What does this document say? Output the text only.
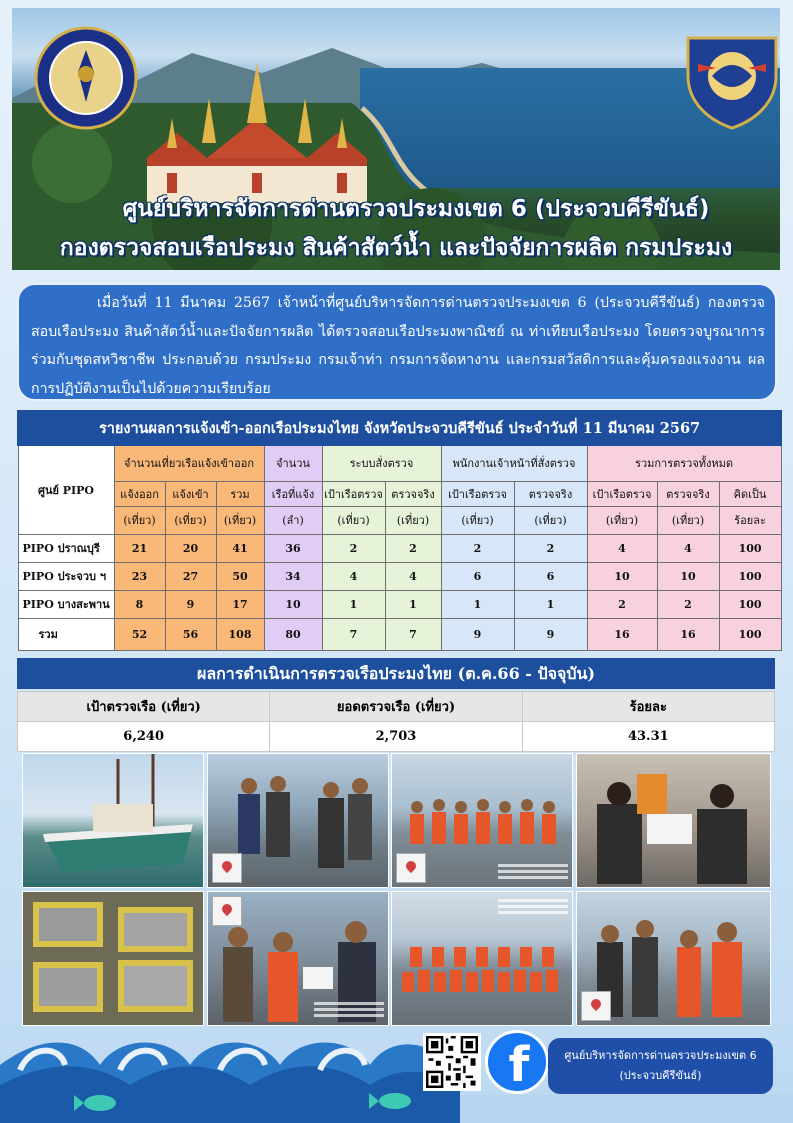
ศูนย์บริหารจัดการด่านตรวจประมงเขต 6 (ประจวบคีรีขันธ์)
กองตรวจสอบเรือประมง สินค้าสัตว์น้ำ และปัจจัยการผลิต กรมประมง

เมื่อวันที่ 11 มีนาคม 2567 เจ้าหน้าที่ศูนย์บริหารจัดการด่านตรวจประมงเขต 6 (ประจวบคีรีขันธ์) กองตรวจสอบเรือประมง สินค้าสัตว์น้ำและปัจจัยการผลิต ได้ตรวจสอบเรือประมงพาณิชย์ ณ ท่าเทียบเรือประมง โดยตรวจบูรณาการร่วมกับชุดสหวิชาชีพ ประกอบด้วย กรมประมง กรมเจ้าท่า กรมการจัดหางาน และกรมสวัสดิการและคุ้มครองแรงงาน ผลการปฏิบัติงานเป็นไปด้วยความเรียบร้อย

รายงานผลการแจ้งเข้า-ออกเรือประมงไทย จังหวัดประจวบคีรีขันธ์ ประจำวันที่ 11 มีนาคม 2567											
ศูนย์ PIPO	จำนวนเที่ยวเรือแจ้งเข้าออก			จำนวน	ระบบสั่งตรวจ		พนักงานเจ้าหน้าที่สั่งตรวจ		รวมการตรวจทั้งหมด		
	แจ้งออก	แจ้งเข้า	รวม	เรือที่แจ้ง	เป้าเรือตรวจ	ตรวจจริง	เป้าเรือตรวจ	ตรวจจริง	เป้าเรือตรวจ	ตรวจจริง	คิดเป็น
	(เที่ยว)	(เที่ยว)	(เที่ยว)	(ลำ)	(เที่ยว)	(เที่ยว)	(เที่ยว)	(เที่ยว)	(เที่ยว)	(เที่ยว)	ร้อยละ
PIPO ปราณบุรี	21	20	41	36	2	2	2	2	4	4	100
PIPO ประจวบ ฯ	23	27	50	34	4	4	6	6	10	10	100
PIPO บางสะพาน	8	9	17	10	1	1	1	1	2	2	100
รวม	52	56	108	80	7	7	9	9	16	16	100
ผลการดำเนินการตรวจเรือประมงไทย (ต.ค.66 - ปัจจุบัน)
เป้าตรวจเรือ (เที่ยว)	ยอดตรวจเรือ (เที่ยว)	ร้อยละ
6,240	2,703	43.31
f	ศูนย์บริหารจัดการด่านตรวจประมงเขต 6
(ประจวบคีรีขันธ์)
